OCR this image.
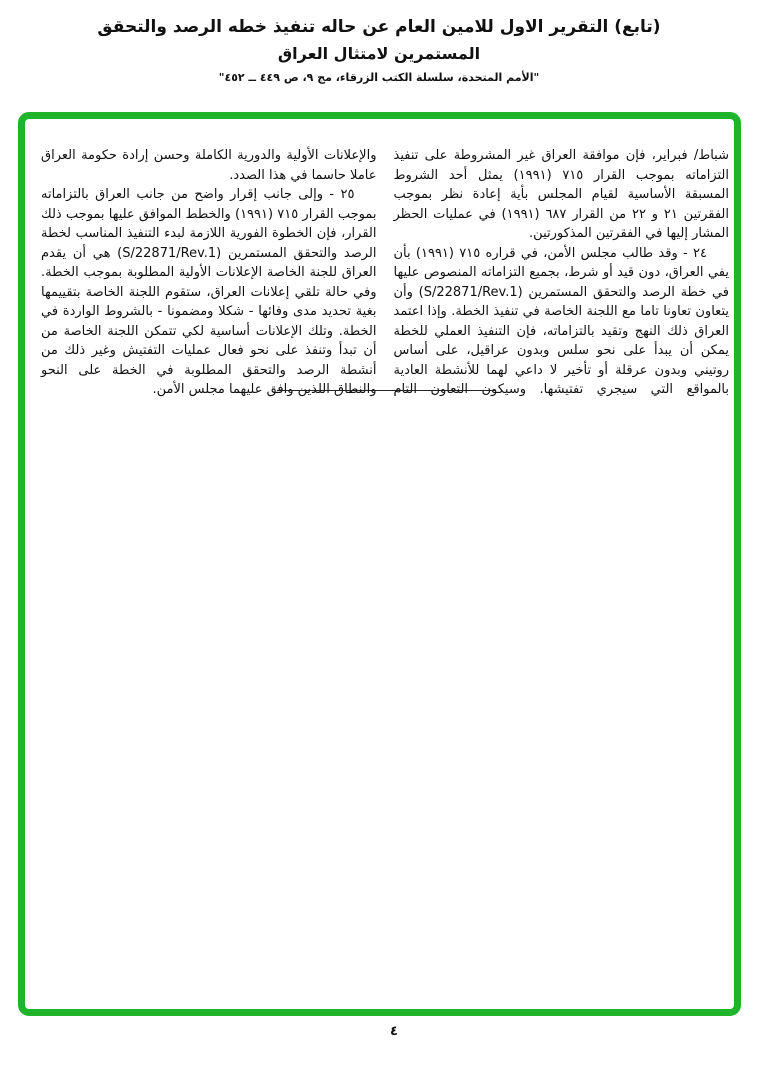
(تابع) التقرير الاول للامين العام عن حاله تنفيذ خطه الرصد والتحقق
المستمرين لامتثال العراق
"الأمم المتحدة، سلسلة الكتب الزرقاء، مج ٩، ص ٤٤٩ ــ ٤٥٢"

شباط/ فبراير، فإن موافقة العراق غير المشروطة على تنفيذ التزاماته بموجب القرار ٧١٥ (١٩٩١) يمثل أحد الشروط المسبقة الأساسية لقيام المجلس بأية إعادة نظر بموجب الفقرتين ٢١ و ٢٢ من القرار ٦٨٧ (١٩٩١) في عمليات الحظر المشار إليها في الفقرتين المذكورتين.

٢٤ - وقد طالب مجلس الأمن، في قراره ٧١٥ (١٩٩١) بأن يفي العراق، دون قيد أو شرط، بجميع التزاماته المنصوص عليها في خطة الرصد والتحقق المستمرين (S/22871/Rev.1) وأن يتعاون تعاونا تاما مع اللجنة الخاصة في تنفيذ الخطة. وإذا اعتمد العراق ذلك النهج وتقيد بالتزاماته، فإن التنفيذ العملي للخطة يمكن أن يبدأ على نحو سلس وبدون عراقيل، على أساس روتيني وبدون عرقلة أو تأخير لا داعي لهما للأنشطة العادية بالمواقع التي سيجري تفتيشها. وسيكون التعاون التام

والإعلانات الأولية والدورية الكاملة وحسن إرادة حكومة العراق عاملا حاسما في هذا الصدد.

٢٥ - وإلى جانب إقرار واضح من جانب العراق بالتزاماته بموجب القرار ٧١٥ (١٩٩١) والخطط الموافق عليها بموجب ذلك القرار، فإن الخطوة الفورية اللازمة لبدء التنفيذ المناسب لخطة الرصد والتحقق المستمرين (S/22871/Rev.1) هي أن يقدم العراق للجنة الخاصة الإعلانات الأولية المطلوبة بموجب الخطة. وفي حالة تلقي إعلانات العراق، ستقوم اللجنة الخاصة بتقييمها بغية تحديد مدى وفائها - شكلا ومضمونا - بالشروط الواردة في الخطة. وتلك الإعلانات أساسية لكي تتمكن اللجنة الخاصة من أن تبدأ وتنفذ على نحو فعال عمليات التفتيش وغير ذلك من أنشطة الرصد والتحقق المطلوبة في الخطة على النحو والنطاق اللذين وافق عليهما مجلس الأمن.

٤
